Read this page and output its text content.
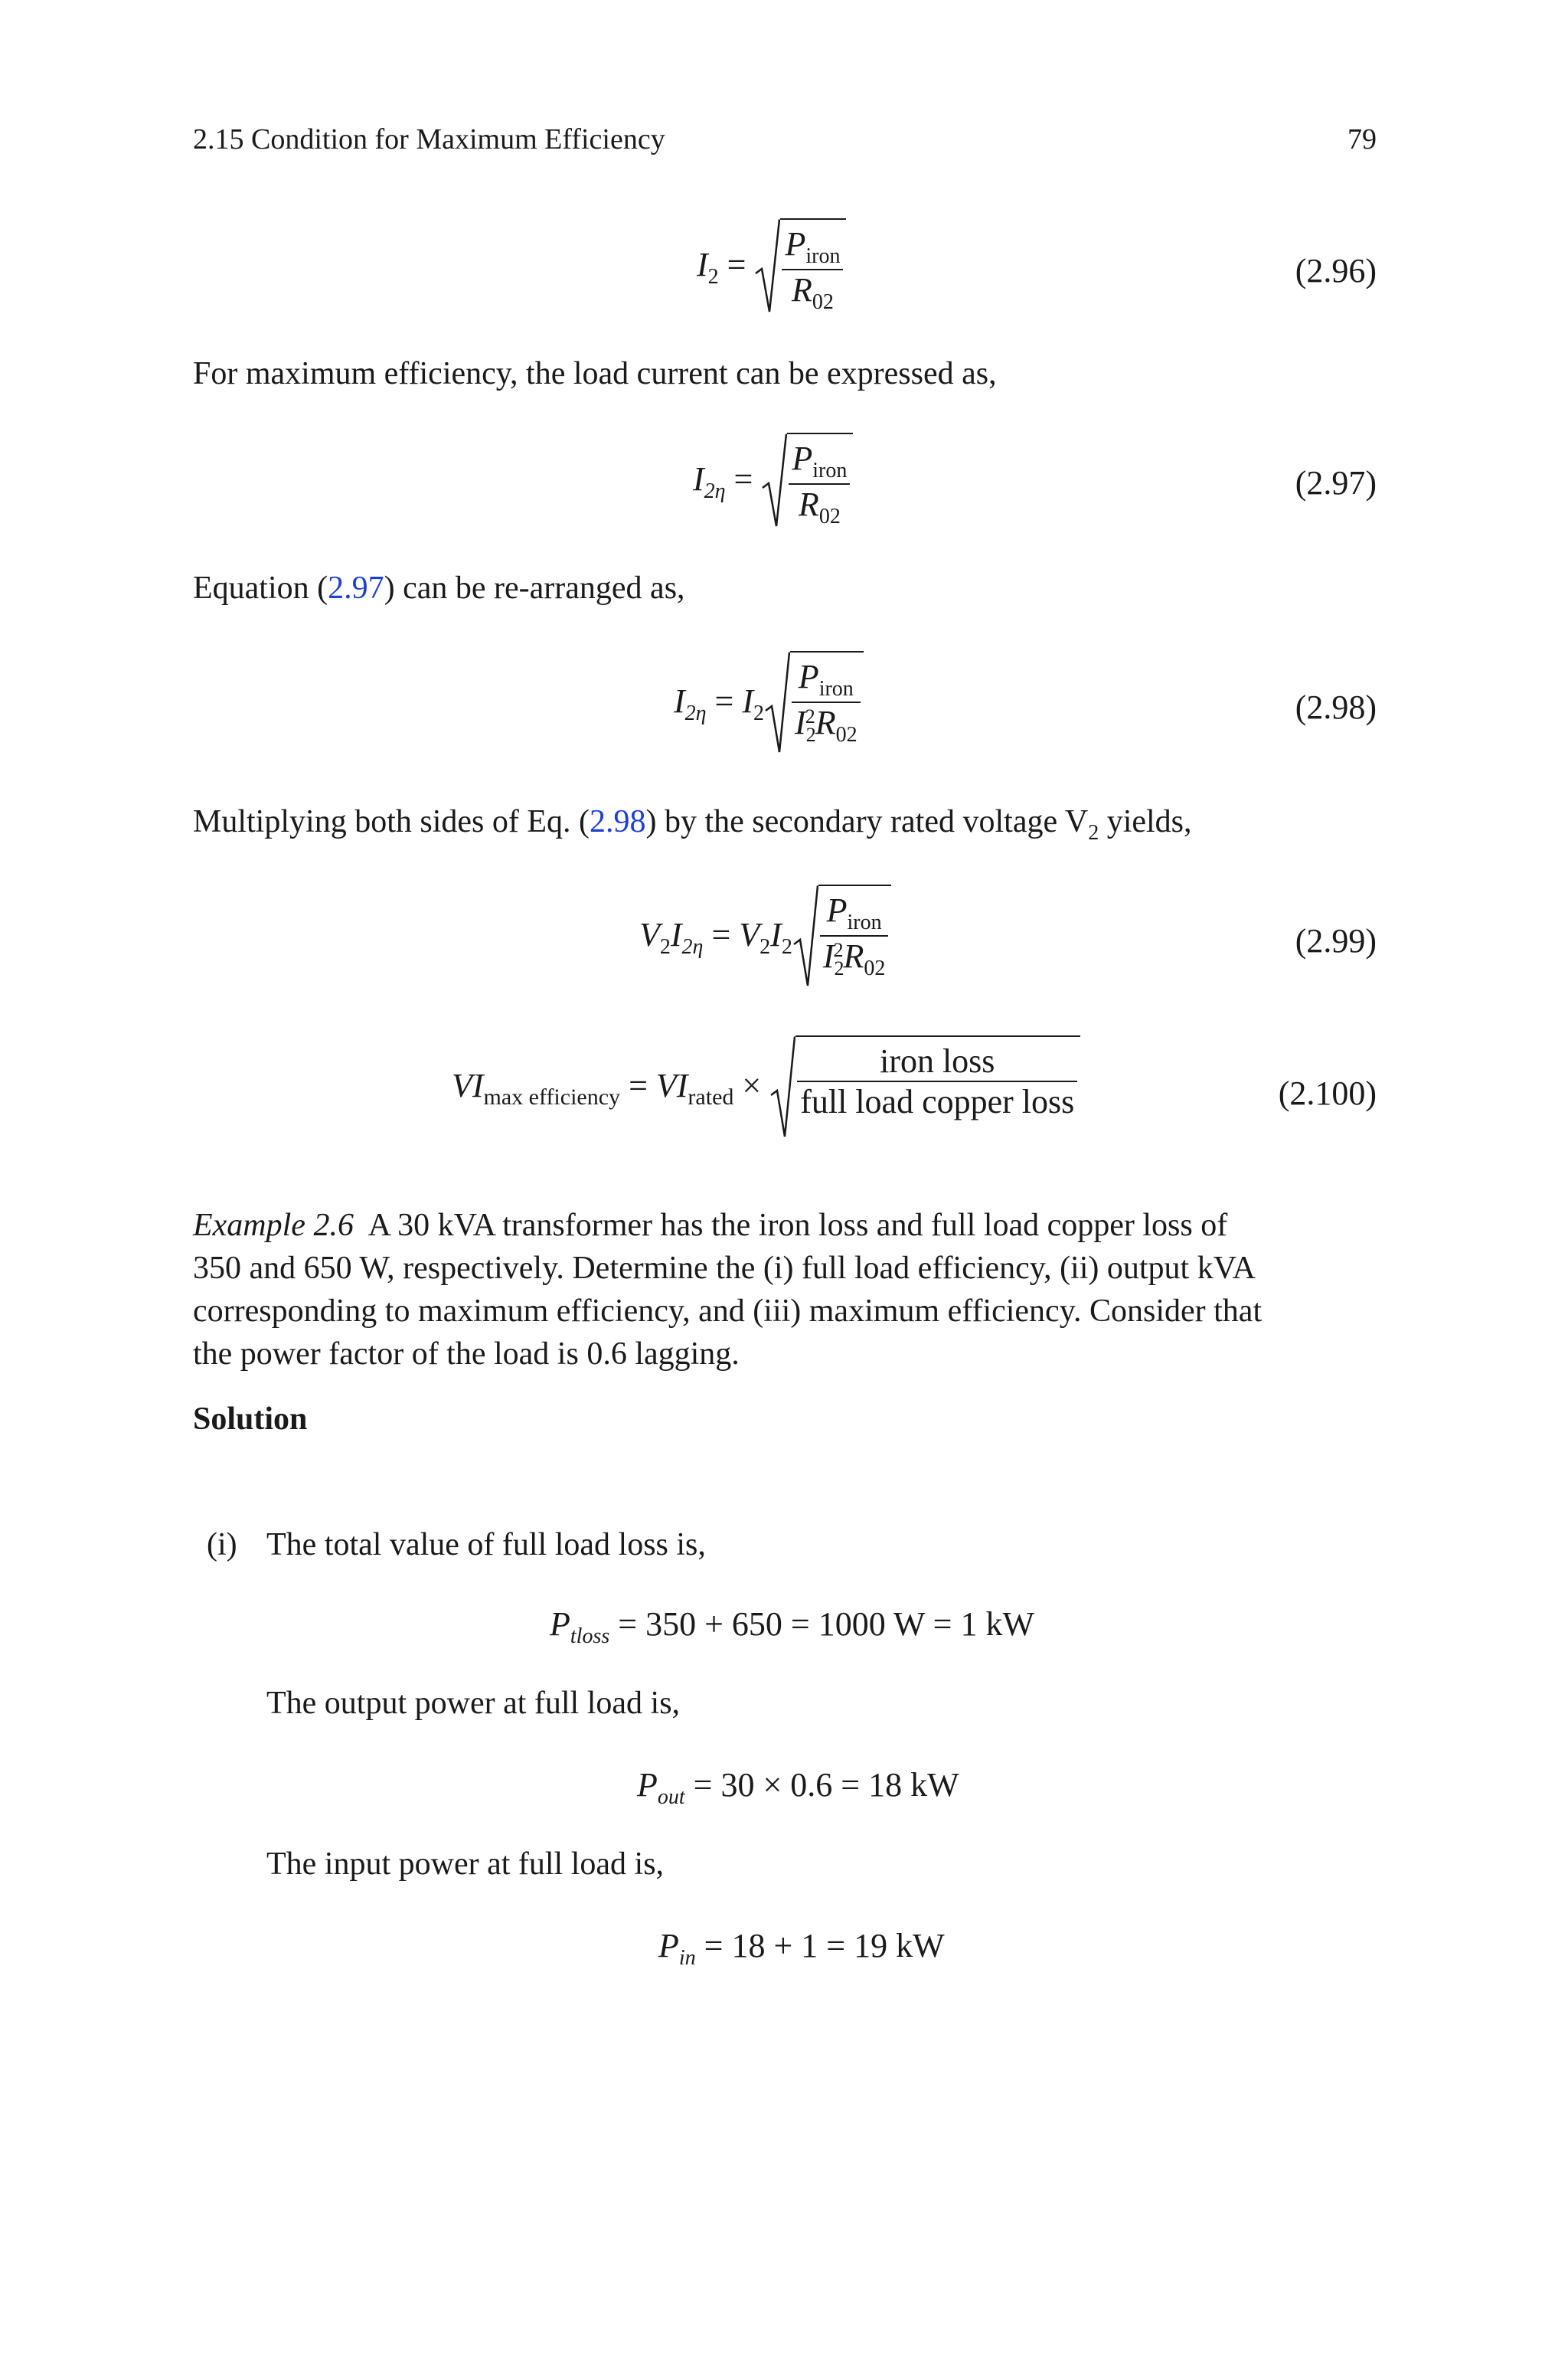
2.15 Condition for Maximum Efficiency	79
$I_2 = \frac{P_{iron}}{R_{02}}$	(2.96)
For maximum efficiency, the load current can be expressed as,
$I_{2\eta} = \frac{P_{iron}}{R_{02}}$	(2.97)
Equation (2.97) can be re-arranged as,
$I_{2\eta} = I_2 \frac{P_{iron}}{I_2^2R_{02}}$	(2.98)
Multiplying both sides of Eq. (2.98) by the secondary rated voltage $V_2$ yields,
$V_2I_{2\eta} = V_2I_2 \frac{P_{iron}}{I_2^2R_{02}}$	(2.99)
$VI_{max efficiency} = VI_{rated} \times \frac{\text{iron loss}}{\text{full load copper loss}}$	(2.100)
Example 2.6 A 30 kVA transformer has the iron loss and full load copper loss of
350 and 650 W, respectively. Determine the (i) full load efficiency, (ii) output kVA
corresponding to maximum efficiency, and (iii) maximum efficiency. Consider that
the power factor of the load is 0.6 lagging.
Solution
(i) The total value of full load loss is,
$P_{tloss} = 350 + 650 = 1000$ W = 1 kW
The output power at full load is,
$P_{out} = 30 \times 0.6 = 18$ kW
The input power at full load is,
$P_{in} = 18 + 1 = 19$ kW
